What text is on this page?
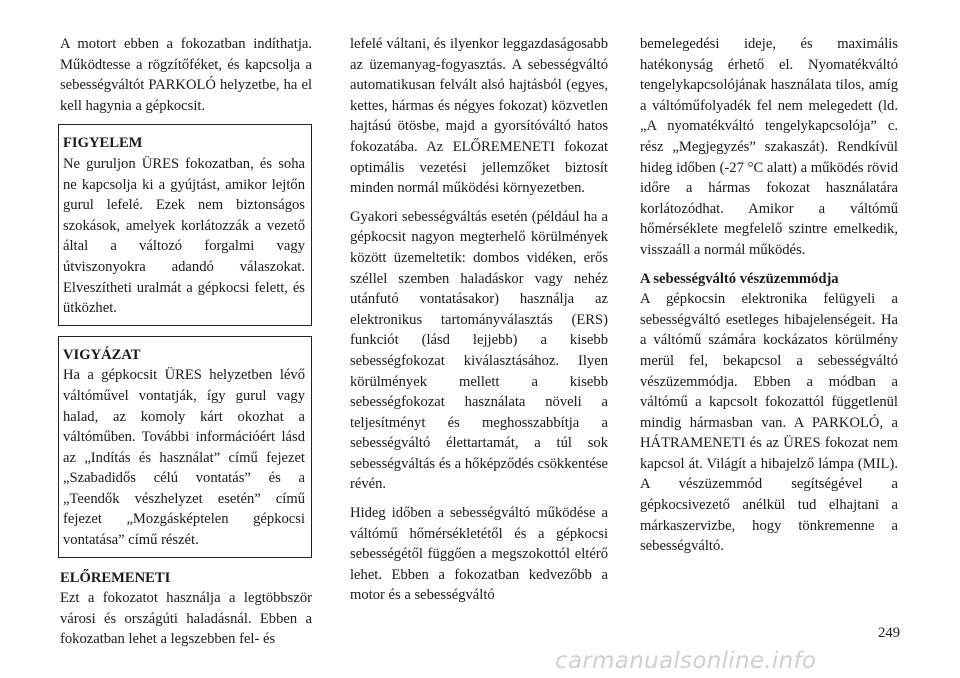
A motort ebben a fokozatban indíthatja. Működtesse a rögzítőféket, és kapcsolja a sebességváltót PARKOLÓ helyzetbe, ha el kell hagynia a gépkocsit.

FIGYELEM

Ne guruljon ÜRES fokozatban, és soha ne kapcsolja ki a gyújtást, amikor lejtőn gurul lefelé. Ezek nem biztonságos szokások, amelyek korlátozzák a vezető által a változó forgalmi vagy útviszonyokra adandó válaszokat. Elveszítheti uralmát a gépkocsi felett, és ütközhet.

VIGYÁZAT

Ha a gépkocsit ÜRES helyzetben lévő váltóművel vontatják, így gurul vagy halad, az komoly kárt okozhat a váltóműben. További információért lásd az „Indítás és használat” című fejezet „Szabadidős célú vontatás” és a „Teendők vészhelyzet esetén” című fejezet „Mozgásképtelen gépkocsi vontatása” című részét.

ELŐREMENETI

Ezt a fokozatot használja a legtöbbször városi és országúti haladásnál. Ebben a fokozatban lehet a legszebben fel- és

lefelé váltani, és ilyenkor leggazdaságosabb az üzemanyag-fogyasztás. A sebességváltó automatikusan felvált alsó hajtásból (egyes, kettes, hármas és négyes fokozat) közvetlen hajtású ötösbe, majd a gyorsítóváltó hatos fokozatába. Az ELŐREMENETI fokozat optimális vezetési jellemzőket biztosít minden normál működési környezetben.

Gyakori sebességváltás esetén (például ha a gépkocsit nagyon megterhelő körülmények között üzemeltetik: dombos vidéken, erős széllel szemben haladáskor vagy nehéz utánfutó vontatásakor) használja az elektronikus tartományválasztás (ERS) funkciót (lásd lejjebb) a kisebb sebességfokozat kiválasztásához. Ilyen körülmények mellett a kisebb sebességfokozat használata növeli a teljesítményt és meghosszabbítja a sebességváltó élettartamát, a túl sok sebességváltás és a hőképződés csökkentése révén.

Hideg időben a sebességváltó működése a váltómű hőmérsékletétől és a gépkocsi sebességétől függően a megszokottól eltérő lehet. Ebben a fokozatban kedvezőbb a motor és a sebességváltó

bemelegedési ideje, és maximális hatékonyság érhető el. Nyomatékváltó tengelykapcsolójának használata tilos, amíg a váltóműfolyadék fel nem melegedett (ld. „A nyomatékváltó tengelykapcsolója” c. rész „Megjegyzés” szakaszát). Rendkívül hideg időben (-27 °C alatt) a működés rövid időre a hármas fokozat használatára korlátozódhat. Amikor a váltómű hőmérséklete megfelelő szintre emelkedik, visszaáll a normál működés.

A sebességváltó vészüzemmódja

A gépkocsin elektronika felügyeli a sebességváltó esetleges hibajelenségeit. Ha a váltómű számára kockázatos körülmény merül fel, bekapcsol a sebességváltó vészüzemmódja. Ebben a módban a váltómű a kapcsolt fokozattól függetlenül mindig hármasban van. A PARKOLÓ, a HÁTRAMENETI és az ÜRES fokozat nem kapcsol át. Világít a hibajelző lámpa (MIL). A vészüzemmód segítségével a gépkocsivezető anélkül tud elhajtani a márkaszervizbe, hogy tönkremenne a sebességváltó.

249
carmanualsonline.info
